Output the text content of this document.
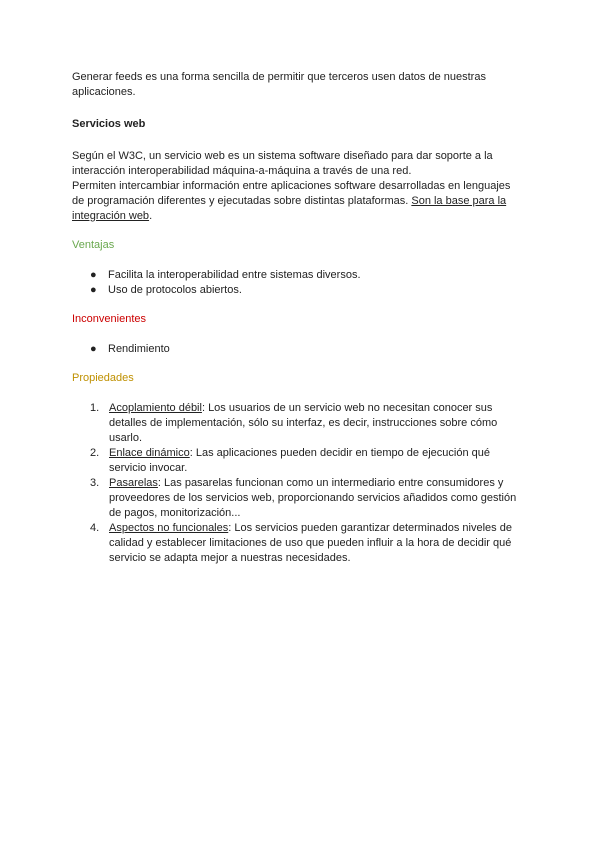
Generar feeds es una forma sencilla de permitir que terceros usen datos de nuestras aplicaciones.

Servicios web

Según el W3C, un servicio web es un sistema software diseñado para dar soporte a la interacción interoperabilidad máquina-a-máquina a través de una red.

Permiten intercambiar información entre aplicaciones software desarrolladas en lenguajes de programación diferentes y ejecutadas sobre distintas plataformas. Son la base para la integración web.

Ventajas

● Facilita la interoperabilidad entre sistemas diversos.
● Uso de protocolos abiertos.

Inconvenientes

● Rendimiento

Propiedades

1. Acoplamiento débil: Los usuarios de un servicio web no necesitan conocer sus detalles de implementación, sólo su interfaz, es decir, instrucciones sobre cómo usarlo.
2. Enlace dinámico: Las aplicaciones pueden decidir en tiempo de ejecución qué servicio invocar.
3. Pasarelas: Las pasarelas funcionan como un intermediario entre consumidores y proveedores de los servicios web, proporcionando servicios añadidos como gestión de pagos, monitorización...
4. Aspectos no funcionales: Los servicios pueden garantizar determinados niveles de calidad y establecer limitaciones de uso que pueden influir a la hora de decidir qué servicio se adapta mejor a nuestras necesidades.
